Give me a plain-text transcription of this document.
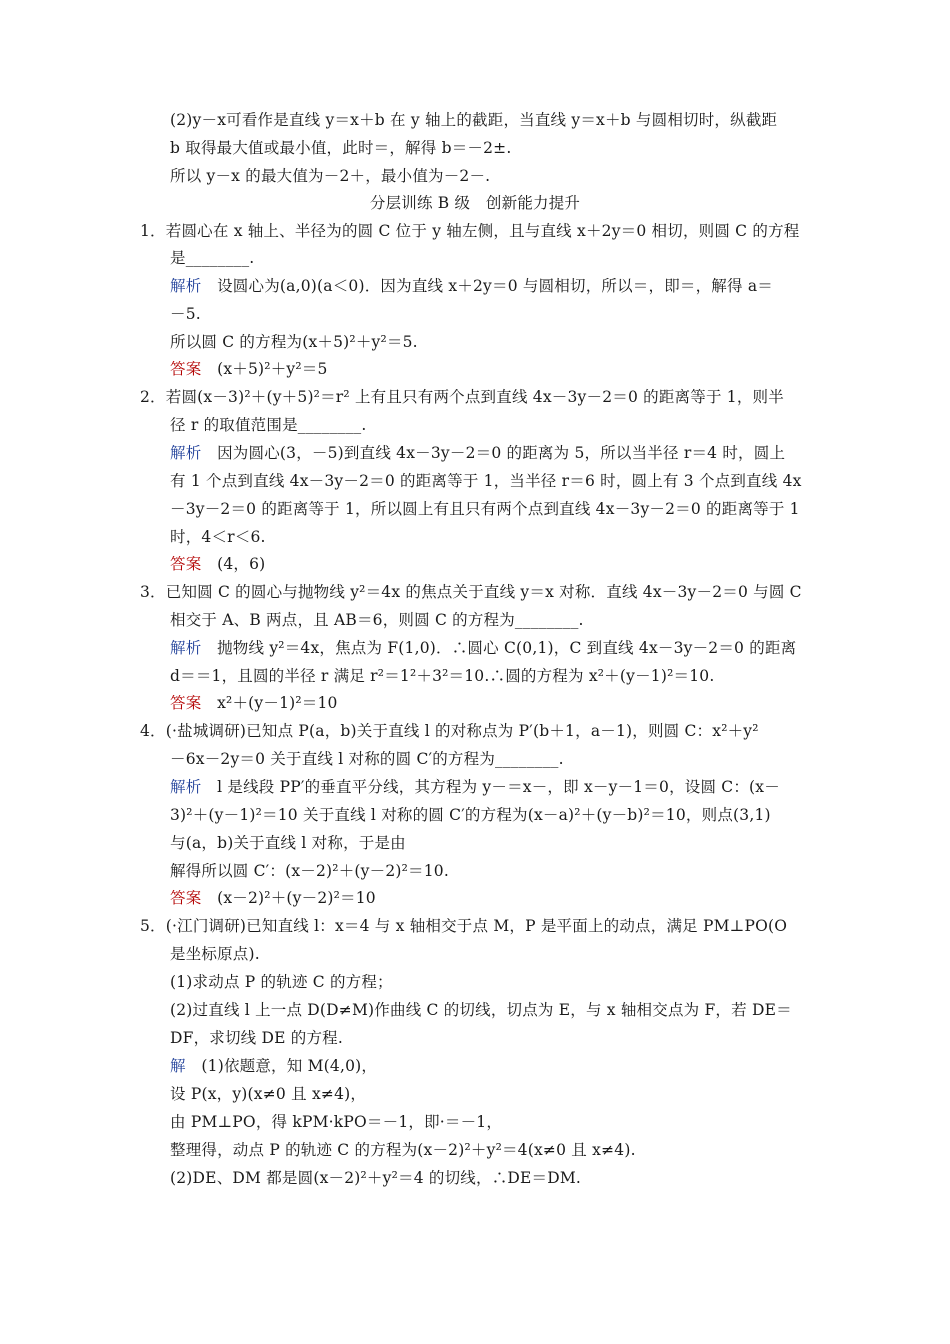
(2)y－x可看作是直线 y＝x＋b 在 y 轴上的截距，当直线 y＝x＋b 与圆相切时，纵截距
b 取得最大值或最小值，此时＝，解得 b＝－2±.
所以 y－x 的最大值为－2＋，最小值为－2－.
分层训练 B 级　创新能力提升
1．若圆心在 x 轴上、半径为的圆 C 位于 y 轴左侧，且与直线 x＋2y＝0 相切，则圆 C 的方程
是________.
解析　设圆心为(a,0)(a＜0)．因为直线 x＋2y＝0 与圆相切，所以＝，即＝，解得 a＝
－5.
所以圆 C 的方程为(x＋5)²＋y²＝5.
答案　(x＋5)²＋y²＝5
2．若圆(x－3)²＋(y＋5)²＝r² 上有且只有两个点到直线 4x－3y－2＝0 的距离等于 1，则半
径 r 的取值范围是________.
解析　因为圆心(3，－5)到直线 4x－3y－2＝0 的距离为 5，所以当半径 r＝4 时，圆上
有 1 个点到直线 4x－3y－2＝0 的距离等于 1，当半径 r＝6 时，圆上有 3 个点到直线 4x
－3y－2＝0 的距离等于 1，所以圆上有且只有两个点到直线 4x－3y－2＝0 的距离等于 1
时，4＜r＜6.
答案　(4，6)
3．已知圆 C 的圆心与抛物线 y²＝4x 的焦点关于直线 y＝x 对称．直线 4x－3y－2＝0 与圆 C
相交于 A、B 两点，且 AB＝6，则圆 C 的方程为________.
解析　抛物线 y²＝4x，焦点为 F(1,0)．∴圆心 C(0,1)，C 到直线 4x－3y－2＝0 的距离
d＝＝1，且圆的半径 r 满足 r²＝1²＋3²＝10.∴圆的方程为 x²＋(y－1)²＝10.
答案　x²＋(y－1)²＝10
4．(·盐城调研)已知点 P(a，b)关于直线 l 的对称点为 P′(b＋1，a－1)，则圆 C：x²＋y²
－6x－2y＝0 关于直线 l 对称的圆 C′的方程为________.
解析　l 是线段 PP′的垂直平分线，其方程为 y－＝x－，即 x－y－1＝0，设圆 C：(x－
3)²＋(y－1)²＝10 关于直线 l 对称的圆 C′的方程为(x－a)²＋(y－b)²＝10，则点(3,1)
与(a，b)关于直线 l 对称，于是由
解得所以圆 C′：(x－2)²＋(y－2)²＝10.
答案　(x－2)²＋(y－2)²＝10
5．(·江门调研)已知直线 l：x＝4 与 x 轴相交于点 M，P 是平面上的动点，满足 PM⊥PO(O
是坐标原点).
(1)求动点 P 的轨迹 C 的方程；
(2)过直线 l 上一点 D(D≠M)作曲线 C 的切线，切点为 E，与 x 轴相交点为 F，若 DE＝
DF，求切线 DE 的方程.
解　(1)依题意，知 M(4,0)，
设 P(x，y)(x≠0 且 x≠4)，
由 PM⊥PO，得 kPM·kPO＝－1，即·＝－1，
整理得，动点 P 的轨迹 C 的方程为(x－2)²＋y²＝4(x≠0 且 x≠4).
(2)DE、DM 都是圆(x－2)²＋y²＝4 的切线，∴DE＝DM.
